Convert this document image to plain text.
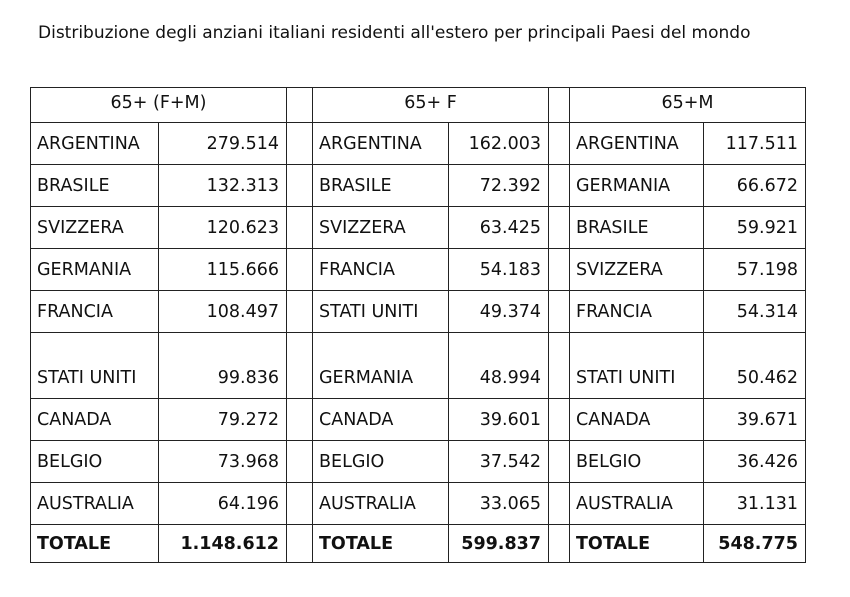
Distribuzione degli anziani italiani residenti all'estero per principali Paesi del mondo

65+ (F+M)			65+ F			65+M	
ARGENTINA	279.514		ARGENTINA	162.003		ARGENTINA	117.511
BRASILE	132.313		BRASILE	72.392		GERMANIA	66.672
SVIZZERA	120.623		SVIZZERA	63.425		BRASILE	59.921
GERMANIA	115.666		FRANCIA	54.183		SVIZZERA	57.198
FRANCIA	108.497		STATI UNITI	49.374		FRANCIA	54.314
STATI UNITI	99.836		GERMANIA	48.994		STATI UNITI	50.462
CANADA	79.272		CANADA	39.601		CANADA	39.671
BELGIO	73.968		BELGIO	37.542		BELGIO	36.426
AUSTRALIA	64.196		AUSTRALIA	33.065		AUSTRALIA	31.131
TOTALE	1.148.612		TOTALE	599.837		TOTALE	548.775
